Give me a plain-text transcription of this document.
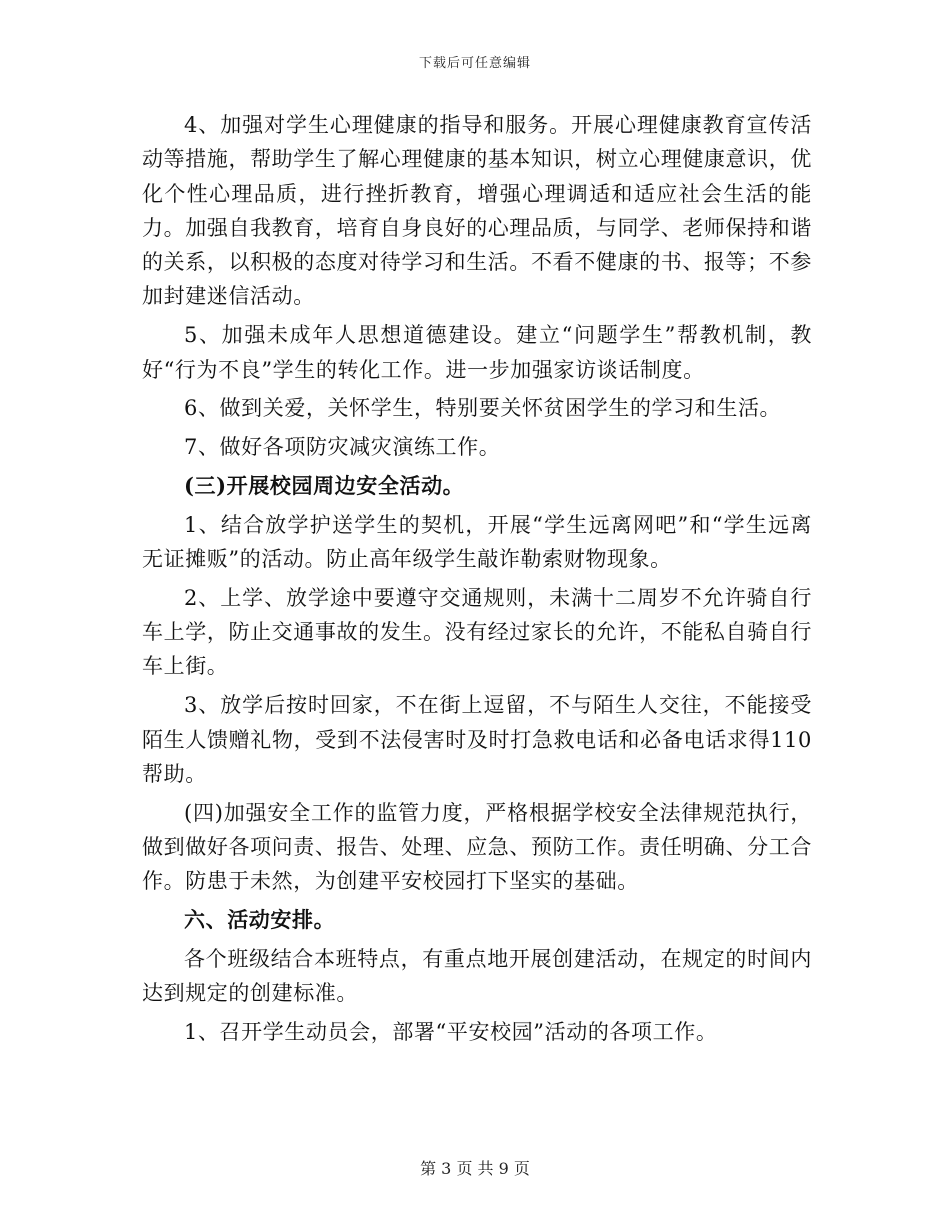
下载后可任意编辑

4、加强对学生心理健康的指导和服务。开展心理健康教育宣传活动等措施，帮助学生了解心理健康的基本知识，树立心理健康意识，优化个性心理品质，进行挫折教育，增强心理调适和适应社会生活的能力。加强自我教育，培育自身良好的心理品质，与同学、老师保持和谐的关系，以积极的态度对待学习和生活。不看不健康的书、报等；不参加封建迷信活动。

5、加强未成年人思想道德建设。建立“问题学生”帮教机制，教好“行为不良”学生的转化工作。进一步加强家访谈话制度。

6、做到关爱，关怀学生，特别要关怀贫困学生的学习和生活。

7、做好各项防灾减灾演练工作。

(三)开展校园周边安全活动。

1、结合放学护送学生的契机，开展“学生远离网吧”和“学生远离无证摊贩”的活动。防止高年级学生敲诈勒索财物现象。

2、上学、放学途中要遵守交通规则，未满十二周岁不允许骑自行车上学，防止交通事故的发生。没有经过家长的允许，不能私自骑自行车上街。

3、放学后按时回家，不在街上逗留，不与陌生人交往，不能接受陌生人馈赠礼物，受到不法侵害时及时打急救电话和必备电话求得110帮助。

(四)加强安全工作的监管力度，严格根据学校安全法律规范执行，做到做好各项问责、报告、处理、应急、预防工作。责任明确、分工合作。防患于未然，为创建平安校园打下坚实的基础。

六、活动安排。

各个班级结合本班特点，有重点地开展创建活动，在规定的时间内达到规定的创建标准。

1、召开学生动员会，部署“平安校园”活动的各项工作。

第 3 页 共 9 页
